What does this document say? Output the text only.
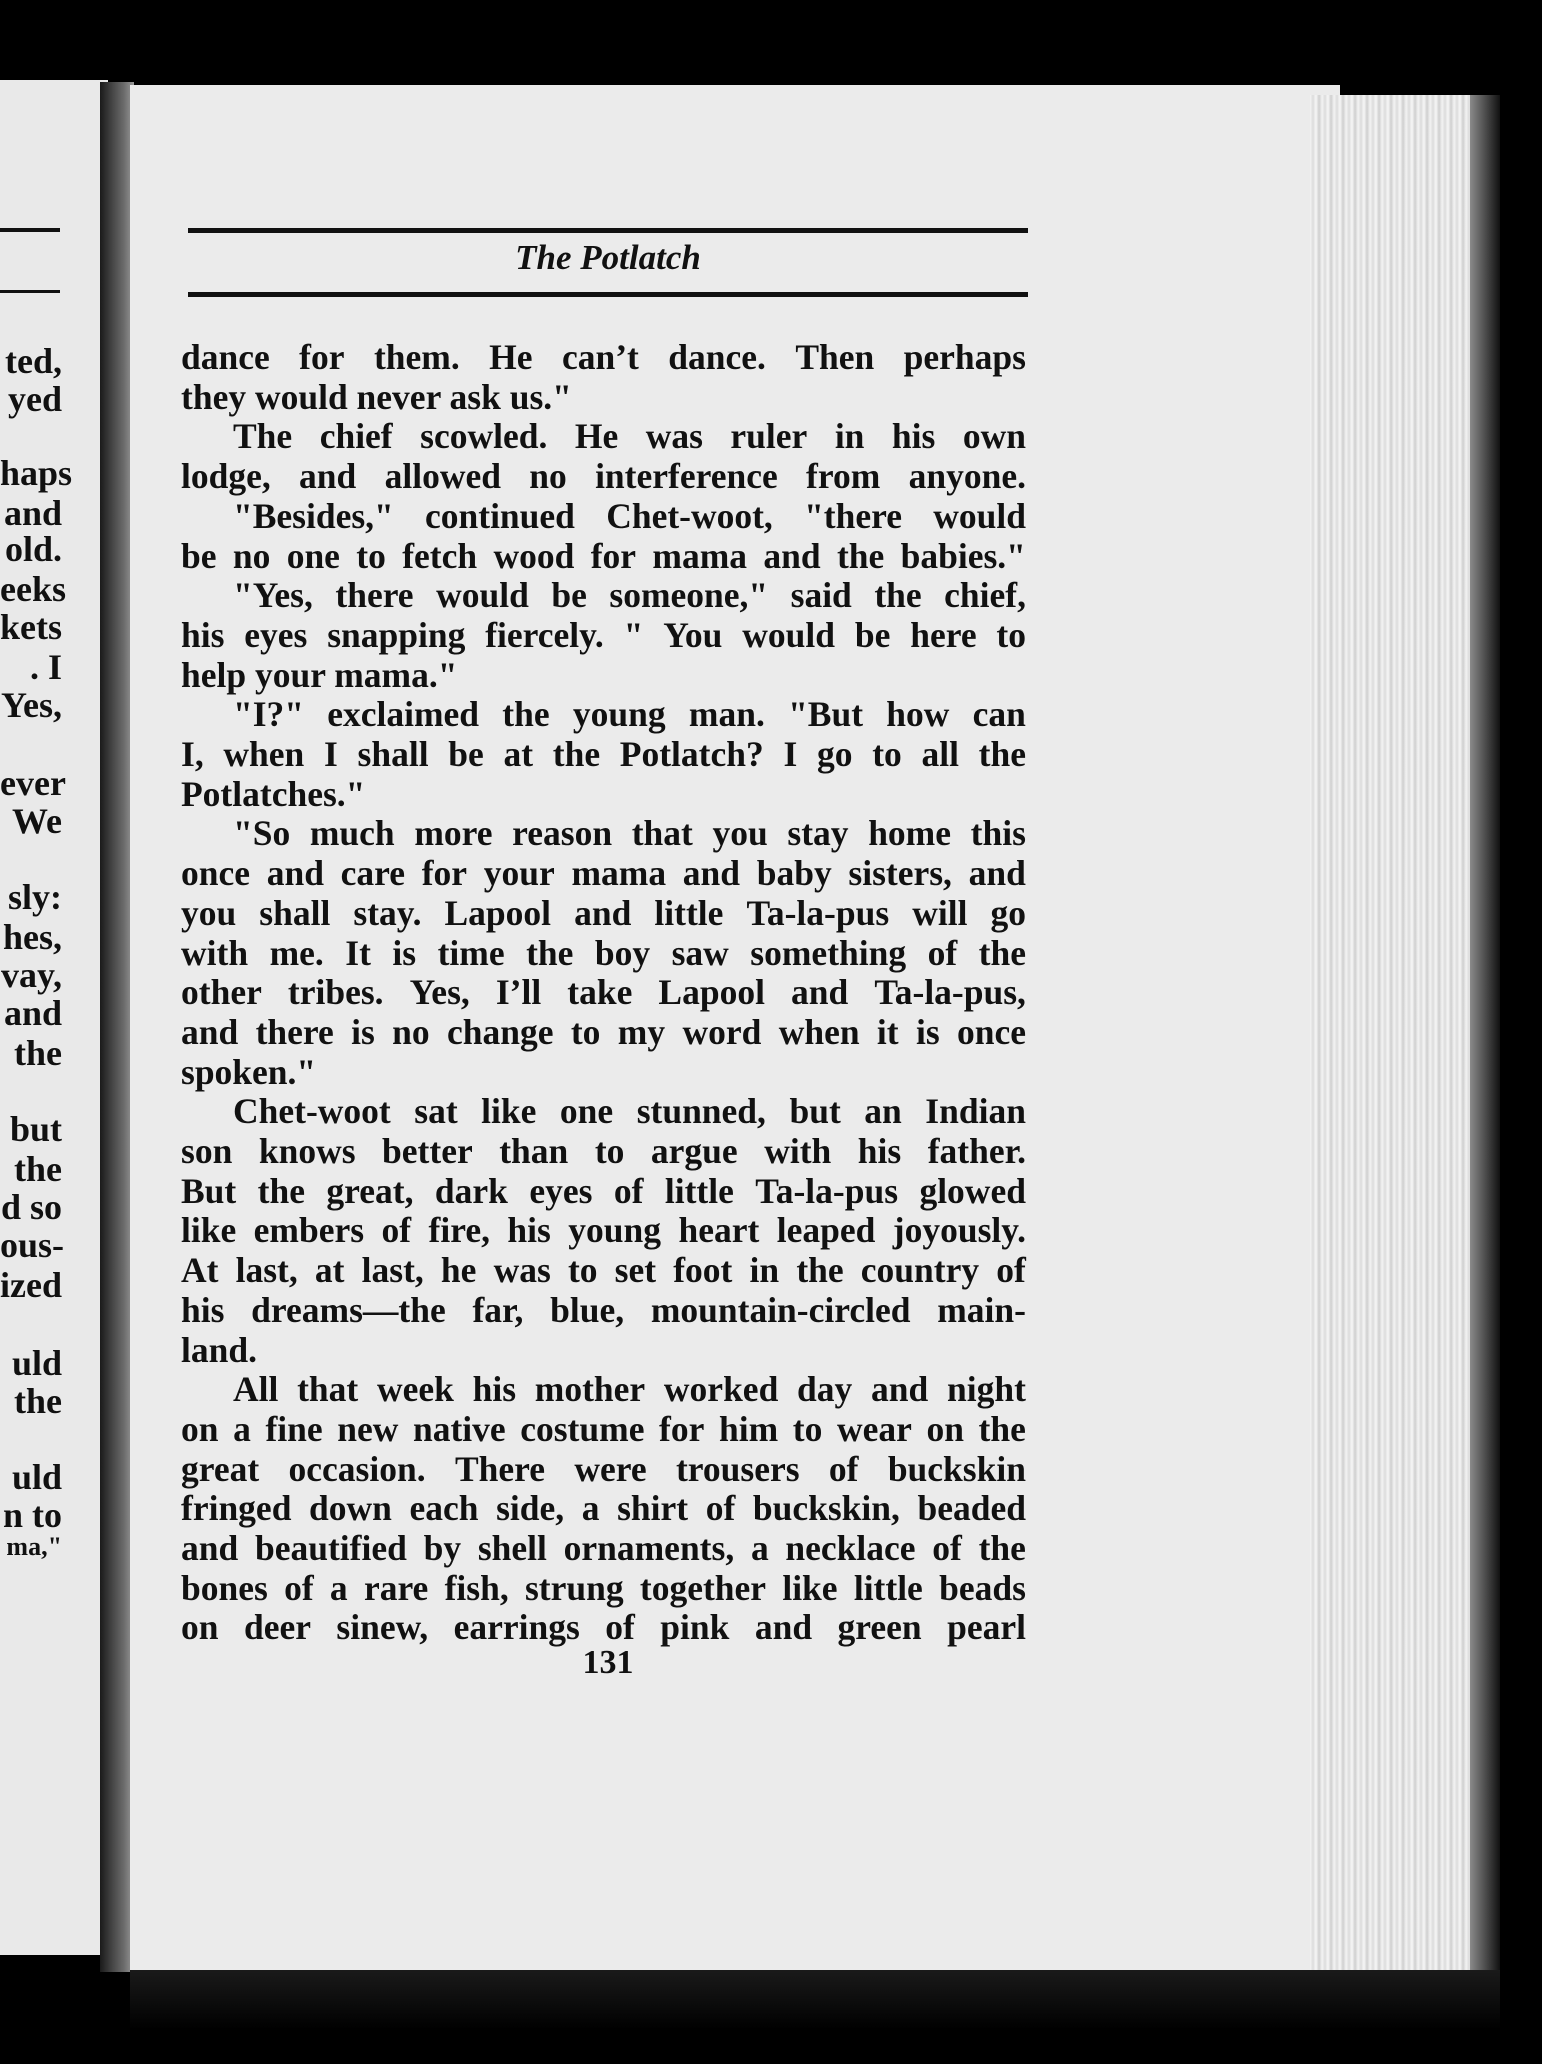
ted,
yed
haps
and
old.
eeks
kets
. I
Yes,
ever
We
sly:
hes,
vay,
and
the
but
the
d so
ous-
ized
uld
the
uld
n to
ma,"
The Potlatch
dance for them. He can’t dance. Then perhaps
they would never ask us."
The chief scowled. He was ruler in his own
lodge, and allowed no interference from anyone.
"Besides," continued Chet-woot, "there would
be no one to fetch wood for mama and the babies."
"Yes, there would be someone," said the chief,
his eyes snapping fiercely. " You would be here to
help your mama."
"I?" exclaimed the young man. "But how can
I, when I shall be at the Potlatch? I go to all the
Potlatches."
"So much more reason that you stay home this
once and care for your mama and baby sisters, and
you shall stay. Lapool and little Ta-la-pus will go
with me. It is time the boy saw something of the
other tribes. Yes, I’ll take Lapool and Ta-la-pus,
and there is no change to my word when it is once
spoken."
Chet-woot sat like one stunned, but an Indian
son knows better than to argue with his father.
But the great, dark eyes of little Ta-la-pus glowed
like embers of fire, his young heart leaped joyously.
At last, at last, he was to set foot in the country of
his dreams—the far, blue, mountain-circled main-
land.
All that week his mother worked day and night
on a fine new native costume for him to wear on the
great occasion. There were trousers of buckskin
fringed down each side, a shirt of buckskin, beaded
and beautified by shell ornaments, a necklace of the
bones of a rare fish, strung together like little beads
on deer sinew, earrings of pink and green pearl
131
